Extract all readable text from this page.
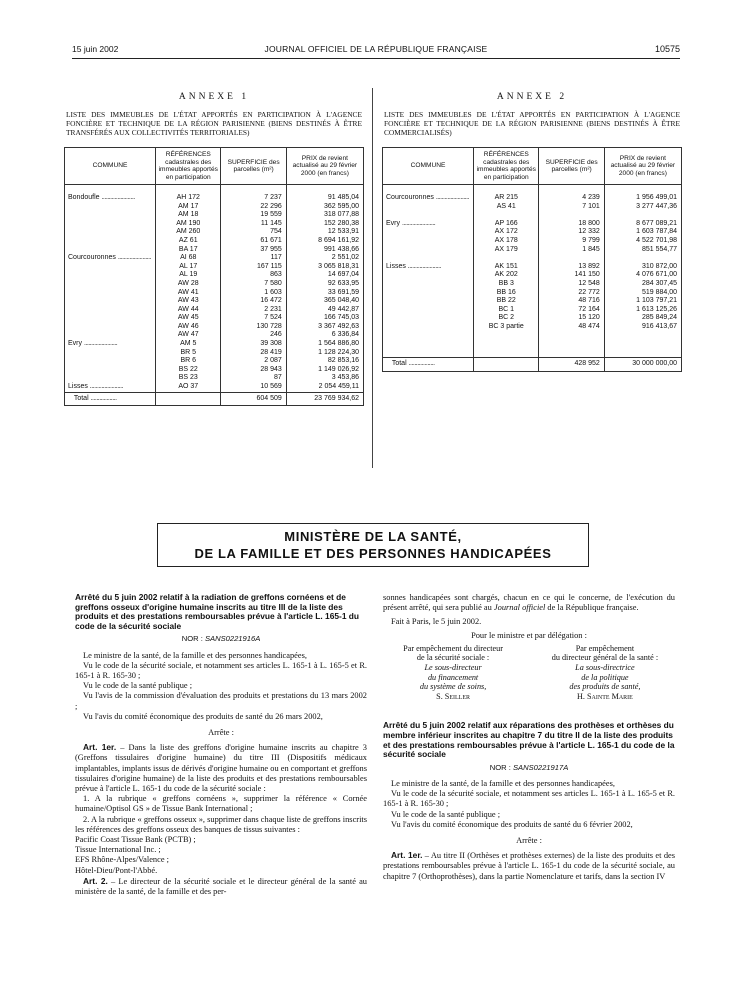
15 juin 2002	JOURNAL OFFICIEL DE LA RÉPUBLIQUE FRANÇAISE	10575
ANNEXE 1
LISTE DES IMMEUBLES DE L'ÉTAT APPORTÉS EN PARTICIPATION À L'AGENCE FONCIÈRE ET TECHNIQUE DE LA RÉGION PARISIENNE (BIENS DESTINÉS À ÊTRE TRANSFÉRÉS AUX COLLECTIVITÉS TERRITORIALES)
COMMUNE	RÉFÉRENCES cadastrales des immeubles apportés en participation	SUPERFICIE des parcelles (m²)	PRIX de revient actualisé au 29 février 2000 (en francs)

Bondoufle .......................	AH 172	7 237	91 485,04
	AM 17	22 296	362 595,00
	AM 18	19 559	318 077,88
	AM 190	11 145	152 280,38
	AM 260	754	12 533,91
	AZ 61	61 671	8 694 161,92
	BA 17	37 955	991 438,66
Courcouronnes .......................	AI 68	117	2 551,02
	AL 17	167 115	3 065 818,31
	AL 19	863	14 697,04
	AW 28	7 580	92 633,95
	AW 41	1 603	33 691,59
	AW 43	16 472	365 048,40
	AW 44	2 231	49 442,87
	AW 45	7 524	166 745,03
	AW 46	130 728	3 367 492,63
	AW 47	246	6 336,84
Evry .......................	AM 5	39 308	1 564 886,80
	BR 5	28 419	1 128 224,30
	BR 6	2 087	82 853,16
	BS 22	28 943	1 149 026,92
	BS 23	87	3 453,86
Lisses .......................	AO 37	10 569	2 054 459,11
Total ..................		604 509	23 769 934,62
ANNEXE 2
LISTE DES IMMEUBLES DE L'ÉTAT APPORTÉS EN PARTICIPATION À L'AGENCE FONCIÈRE ET TECHNIQUE DE LA RÉGION PARISIENNE (BIENS DESTINÉS À ÊTRE COMMERCIALISÉS)
COMMUNE	RÉFÉRENCES cadastrales des immeubles apportés en participation	SUPERFICIE des parcelles (m²)	PRIX de revient actualisé au 29 février 2000 (en francs)

Courcouronnes .......................	AR 215	4 239	1 956 499,01
	AS 41	7 101	3 277 447,36

Evry .......................	AP 166	18 800	8 677 089,21
	AX 172	12 332	1 603 787,84
	AX 178	9 799	4 522 701,98
	AX 179	1 845	851 554,77

Lisses .......................	AK 151	13 892	310 872,00
	AK 202	141 150	4 076 671,00
	BB 3	12 548	284 307,45
	BB 16	22 772	519 884,00
	BB 22	48 716	1 103 797,21
	BC 1	72 164	1 613 125,26
	BC 2	15 120	285 849,24
	BC 3 partie	48 474	916 413,67

Total ..................		428 952	30 000 000,00
MINISTÈRE DE LA SANTÉ,
DE LA FAMILLE ET DES PERSONNES HANDICAPÉES
Arrêté du 5 juin 2002 relatif à la radiation de greffons cornéens et de greffons osseux d'origine humaine inscrits au titre III de la liste des produits et des prestations remboursables prévue à l'article L. 165-1 du code de la sécurité sociale
NOR : SANS0221916A

Le ministre de la santé, de la famille et des personnes handicapées,

Vu le code de la sécurité sociale, et notamment ses articles L. 165-1 à L. 165-5 et R. 165-1 à R. 165-30 ;

Vu le code de la santé publique ;

Vu l'avis de la commission d'évaluation des produits et prestations du 13 mars 2002 ;

Vu l'avis du comité économique des produits de santé du 26 mars 2002,

Arrête :

Art. 1er. – Dans la liste des greffons d'origine humaine inscrits au chapitre 3 (Greffons tissulaires d'origine humaine) du titre III (Dispositifs médicaux implantables, implants issus de dérivés d'origine humaine ou en comportant et greffons tissulaires d'origine humaine) de la liste des produits et des prestations remboursables prévue à l'article L. 165-1 du code de la sécurité sociale :

1. A la rubrique « greffons cornéens », supprimer la référence « Cornée humaine/Optisol GS » de Tissue Bank International ;

2. A la rubrique « greffons osseux », supprimer dans chaque liste de greffons inscrits les références des greffons osseux des banques de tissus suivantes :

Pacific Coast Tissue Bank (PCTB) ;

Tissue International Inc. ;

EFS Rhône-Alpes/Valence ;

Hôtel-Dieu/Pont-l'Abbé.

Art. 2. – Le directeur de la sécurité sociale et le directeur général de la santé au ministère de la santé, de la famille et des per-

sonnes handicapées sont chargés, chacun en ce qui le concerne, de l'exécution du présent arrêté, qui sera publié au Journal officiel de la République française.

Fait à Paris, le 5 juin 2002.

Pour le ministre et par délégation :

Par empêchement du directeur
de la sécurité sociale :
Le sous-directeur
du financement
du système de soins,
S. Seiller
Par empêchement
du directeur général de la santé :
La sous-directrice
de la politique
des produits de santé,
H. Sainte Marie
Arrêté du 5 juin 2002 relatif aux réparations des prothèses et orthèses du membre inférieur inscrites au chapitre 7 du titre II de la liste des produits et des prestations remboursables prévue à l'article L. 165-1 du code de la sécurité sociale
NOR : SANS0221917A

Le ministre de la santé, de la famille et des personnes handicapées,

Vu le code de la sécurité sociale, et notamment ses articles L. 165-1 à L. 165-5 et R. 165-1 à R. 165-30 ;

Vu le code de la santé publique ;

Vu l'avis du comité économique des produits de santé du 6 février 2002,

Arrête :

Art. 1er. – Au titre II (Orthèses et prothèses externes) de la liste des produits et des prestations remboursables prévue à l'article L. 165-1 du code de la sécurité sociale, au chapitre 7 (Orthoprothèses), dans la partie Nomenclature et tarifs, dans la section IV
